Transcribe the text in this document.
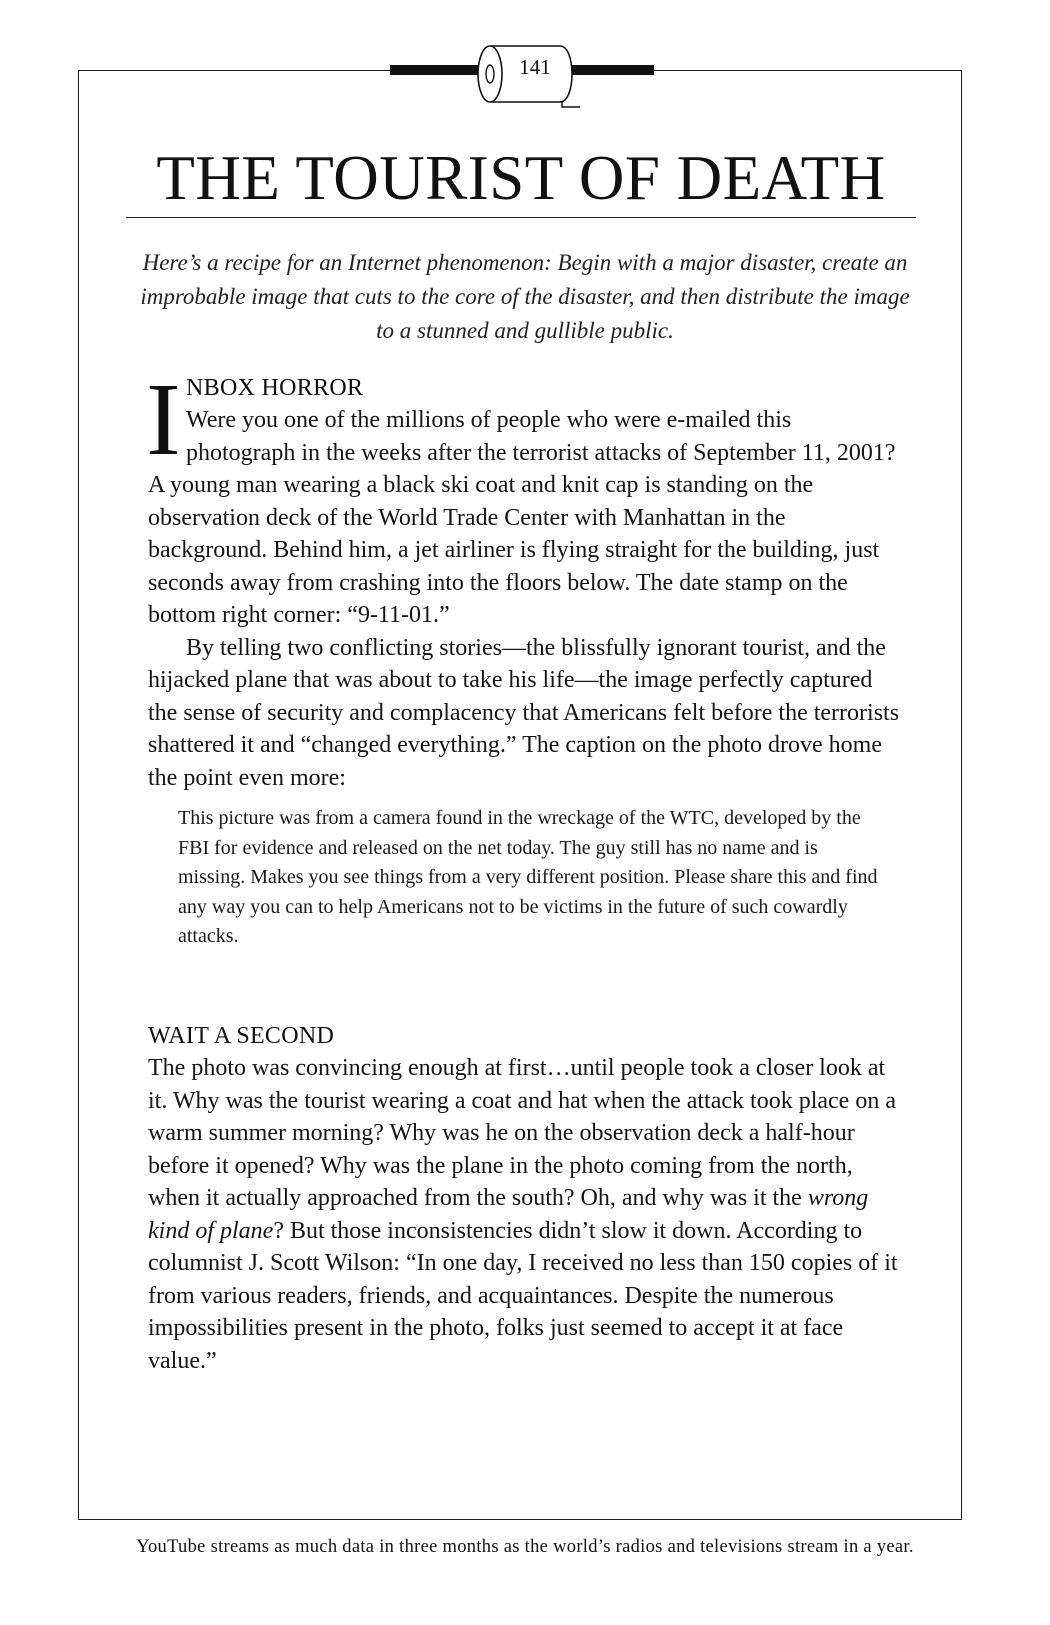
141
THE TOURIST OF DEATH

Here’s a recipe for an Internet phenomenon: Begin with a major disaster, create an improbable image that cuts to the core of the disaster, and then distribute the image to a stunned and gullible public.

I NBOX HORROR

Were you one of the millions of people who were e-mailed this photograph in the weeks after the terrorist attacks of September 11, 2001? A young man wearing a black ski coat and knit cap is standing on the observation deck of the World Trade Center with Manhattan in the background. Behind him, a jet airliner is flying straight for the building, just seconds away from crashing into the floors below. The date stamp on the bottom right corner: “9-11-01.”

By telling two conflicting stories—the blissfully ignorant tourist, and the hijacked plane that was about to take his life—the image perfectly captured the sense of security and complacency that Americans felt before the terrorists shattered it and “changed everything.” The caption on the photo drove home the point even more:

This picture was from a camera found in the wreckage of the WTC, developed by the FBI for evidence and released on the net today. The guy still has no name and is missing. Makes you see things from a very different position. Please share this and find any way you can to help Americans not to be victims in the future of such cowardly attacks.

WAIT A SECOND

The photo was convincing enough at first…until people took a closer look at it. Why was the tourist wearing a coat and hat when the attack took place on a warm summer morning? Why was he on the observation deck a half-hour before it opened? Why was the plane in the photo coming from the north, when it actually approached from the south? Oh, and why was it the wrong kind of plane? But those inconsistencies didn’t slow it down. According to columnist J. Scott Wilson: “In one day, I received no less than 150 copies of it from various readers, friends, and acquaintances. Despite the numerous impossibilities present in the photo, folks just seemed to accept it at face value.”

YouTube streams as much data in three months as the world’s radios and televisions stream in a year.
